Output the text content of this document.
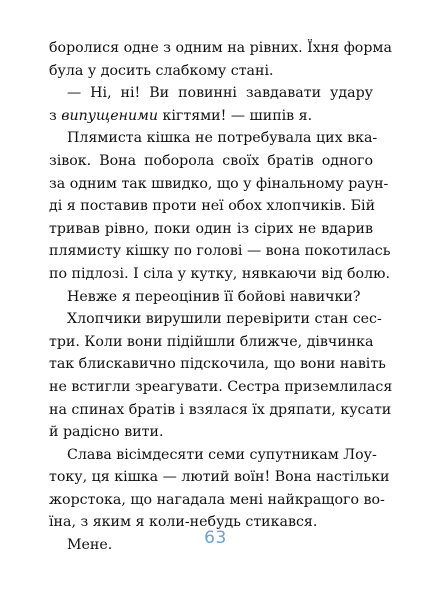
боролися одне з одним на рівних. Їхня форма
була у досить слабкому стані.
— Ні, ні! Ви повинні завдавати удару
з випущеними кігтями! — шипів я.
Плямиста кішка не потребувала цих вка-
зівок. Вона поборола своїх братів одного
за одним так швидко, що у фінальному раун-
ді я поставив проти неї обох хлопчиків. Бій
тривав рівно, поки один із сірих не вдарив
плямисту кішку по голові — вона покотилась
по підлозі. І сіла у кутку, нявкаючи від болю.
Невже я переоцінив її бойові навички?
Хлопчики вирушили перевірити стан сес-
три. Коли вони підійшли ближче, дівчинка
так блискавично підскочила, що вони навіть
не встигли зреагувати. Сестра приземлилася
на спинах братів і взялася їх дряпати, кусати
й радісно вити.
Слава вісімдесяти семи супутникам Лоу-
току, ця кішка — лютий воїн! Вона настільки
жорстока, що нагадала мені найкращого во-
їна, з яким я коли-небудь стикався.
Мене.	63
